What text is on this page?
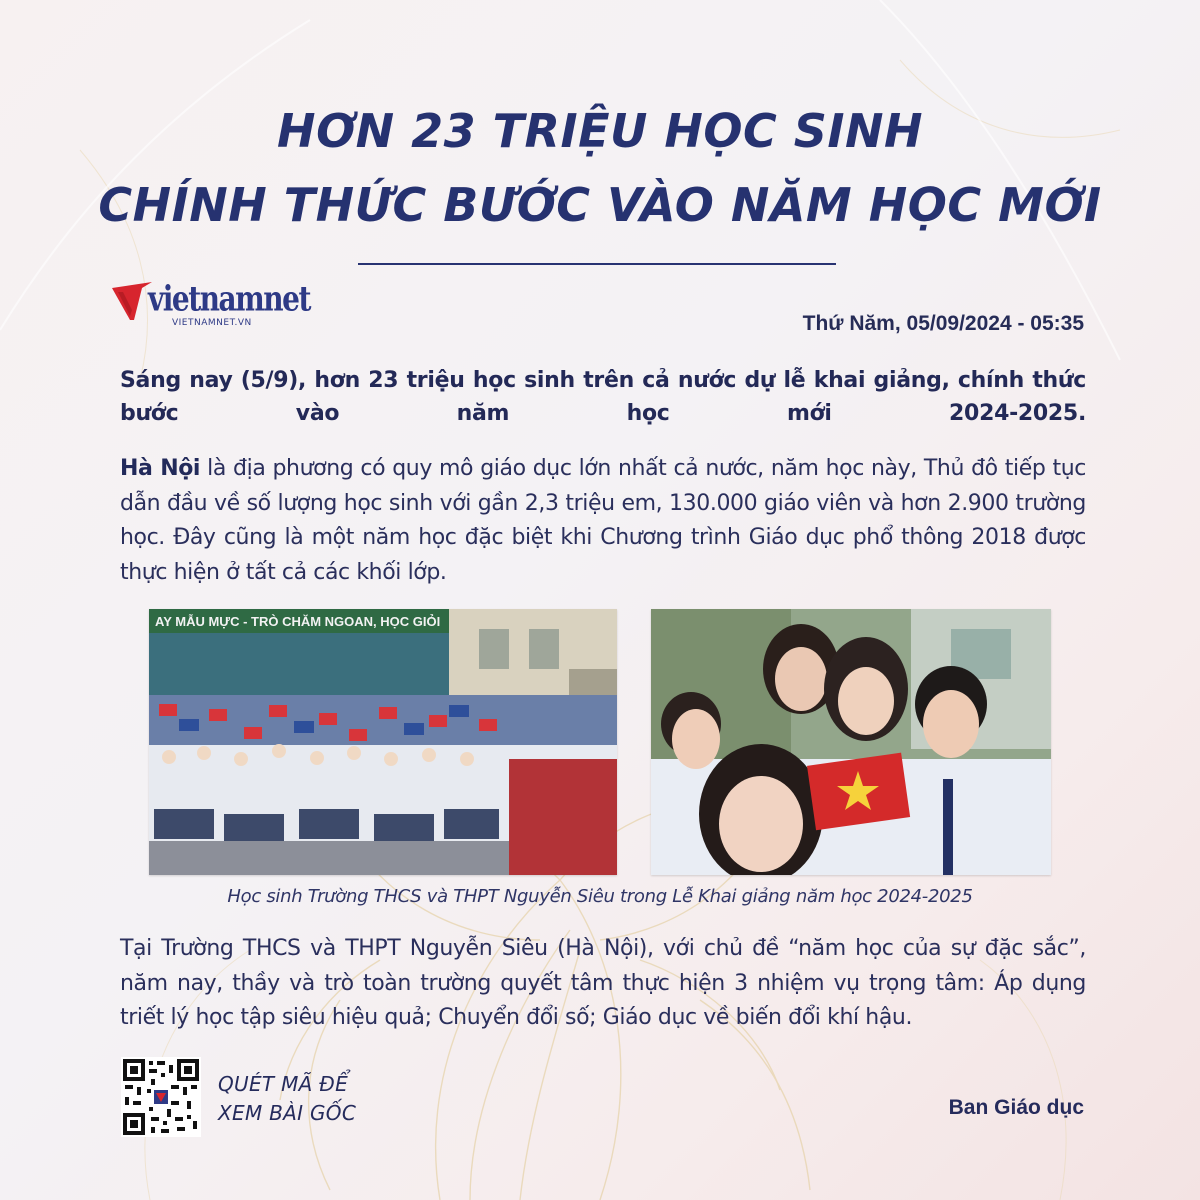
HƠN 23 TRIỆU HỌC SINH
CHÍNH THỨC BƯỚC VÀO NĂM HỌC MỚI
vietnamnet
VIETNAMNET.VN	Thứ Năm, 05/09/2024 - 05:35

Sáng nay (5/9), hơn 23 triệu học sinh trên cả nước dự lễ khai giảng, chính thức bước vào năm học mới 2024-2025.

Hà Nội là địa phương có quy mô giáo dục lớn nhất cả nước, năm học này, Thủ đô tiếp tục dẫn đầu về số lượng học sinh với gần 2,3 triệu em, 130.000 giáo viên và hơn 2.900 trường học. Đây cũng là một năm học đặc biệt khi Chương trình Giáo dục phổ thông 2018 được thực hiện ở tất cả các khối lớp.

AY MẪU MỰC - TRÒ CHĂM NGOAN, HỌC GIỎI

Học sinh Trường THCS và THPT Nguyễn Siêu trong Lễ Khai giảng năm học 2024-2025

Tại Trường THCS và THPT Nguyễn Siêu (Hà Nội), với chủ đề “năm học của sự đặc sắc”, năm nay, thầy và trò toàn trường quyết tâm thực hiện 3 nhiệm vụ trọng tâm: Áp dụng triết lý học tập siêu hiệu quả; Chuyển đổi số; Giáo dục về biến đổi khí hậu.

QUÉT MÃ ĐỂ
XEM BÀI GỐC	Ban Giáo dục
